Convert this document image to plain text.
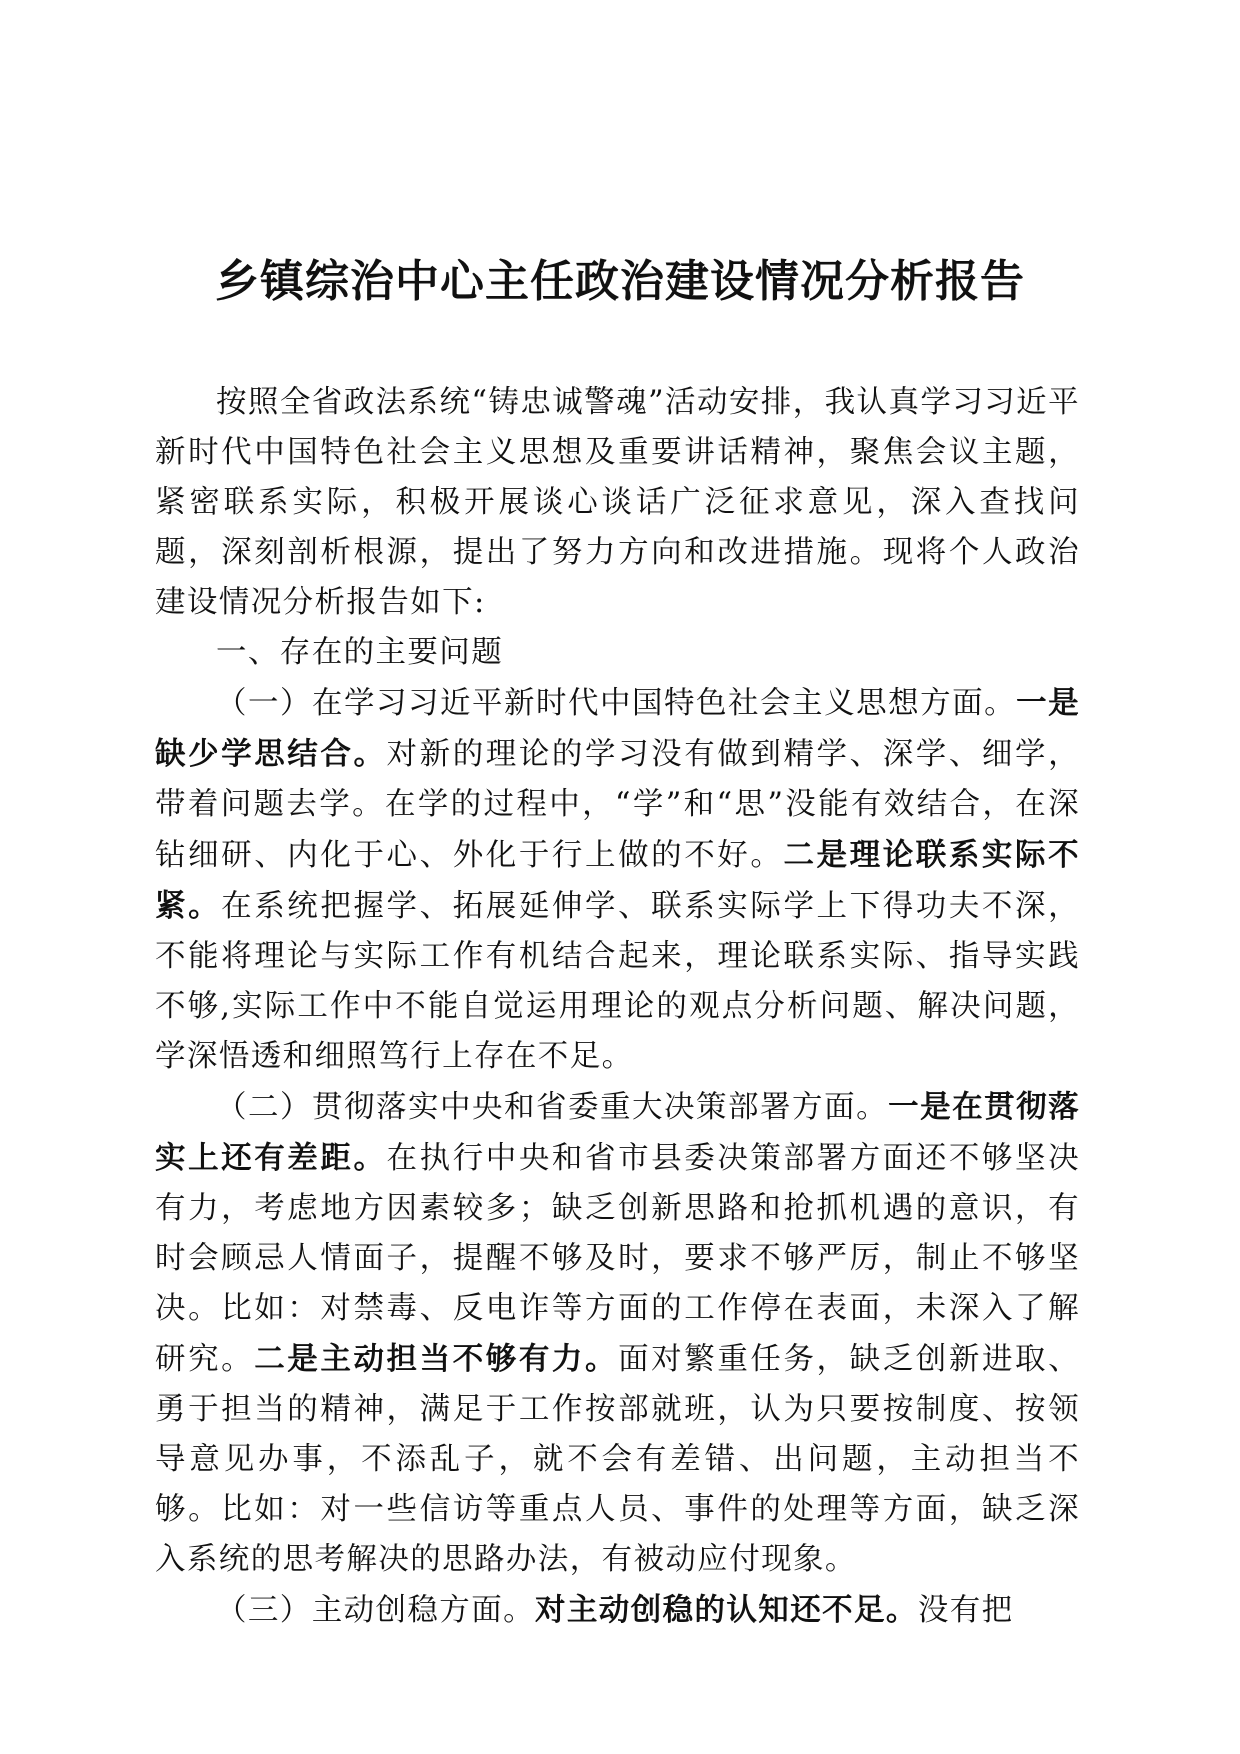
乡镇综治中心主任政治建设情况分析报告

按照全省政法系统“铸忠诚警魂”活动安排，我认真学习习近平新时代中国特色社会主义思想及重要讲话精神，聚焦会议主题，紧密联系实际，积极开展谈心谈话广泛征求意见，深入查找问题，深刻剖析根源，提出了努力方向和改进措施。现将个人政治建设情况分析报告如下:

一、存在的主要问题

（一）在学习习近平新时代中国特色社会主义思想方面。一是缺少学思结合。对新的理论的学习没有做到精学、深学、细学，带着问题去学。在学的过程中，“学”和“思”没能有效结合，在深钻细研、内化于心、外化于行上做的不好。二是理论联系实际不紧。在系统把握学、拓展延伸学、联系实际学上下得功夫不深，不能将理论与实际工作有机结合起来，理论联系实际、指导实践不够,实际工作中不能自觉运用理论的观点分析问题、解决问题，学深悟透和细照笃行上存在不足。

（二）贯彻落实中央和省委重大决策部署方面。一是在贯彻落实上还有差距。在执行中央和省市县委决策部署方面还不够坚决有力，考虑地方因素较多；缺乏创新思路和抢抓机遇的意识，有时会顾忌人情面子，提醒不够及时，要求不够严厉，制止不够坚决。比如：对禁毒、反电诈等方面的工作停在表面，未深入了解研究。二是主动担当不够有力。面对繁重任务，缺乏创新进取、勇于担当的精神，满足于工作按部就班，认为只要按制度、按领导意见办事，不添乱子，就不会有差错、出问题，主动担当不够。比如：对一些信访等重点人员、事件的处理等方面，缺乏深入系统的思考解决的思路办法，有被动应付现象。

（三）主动创稳方面。对主动创稳的认知还不足。没有把
